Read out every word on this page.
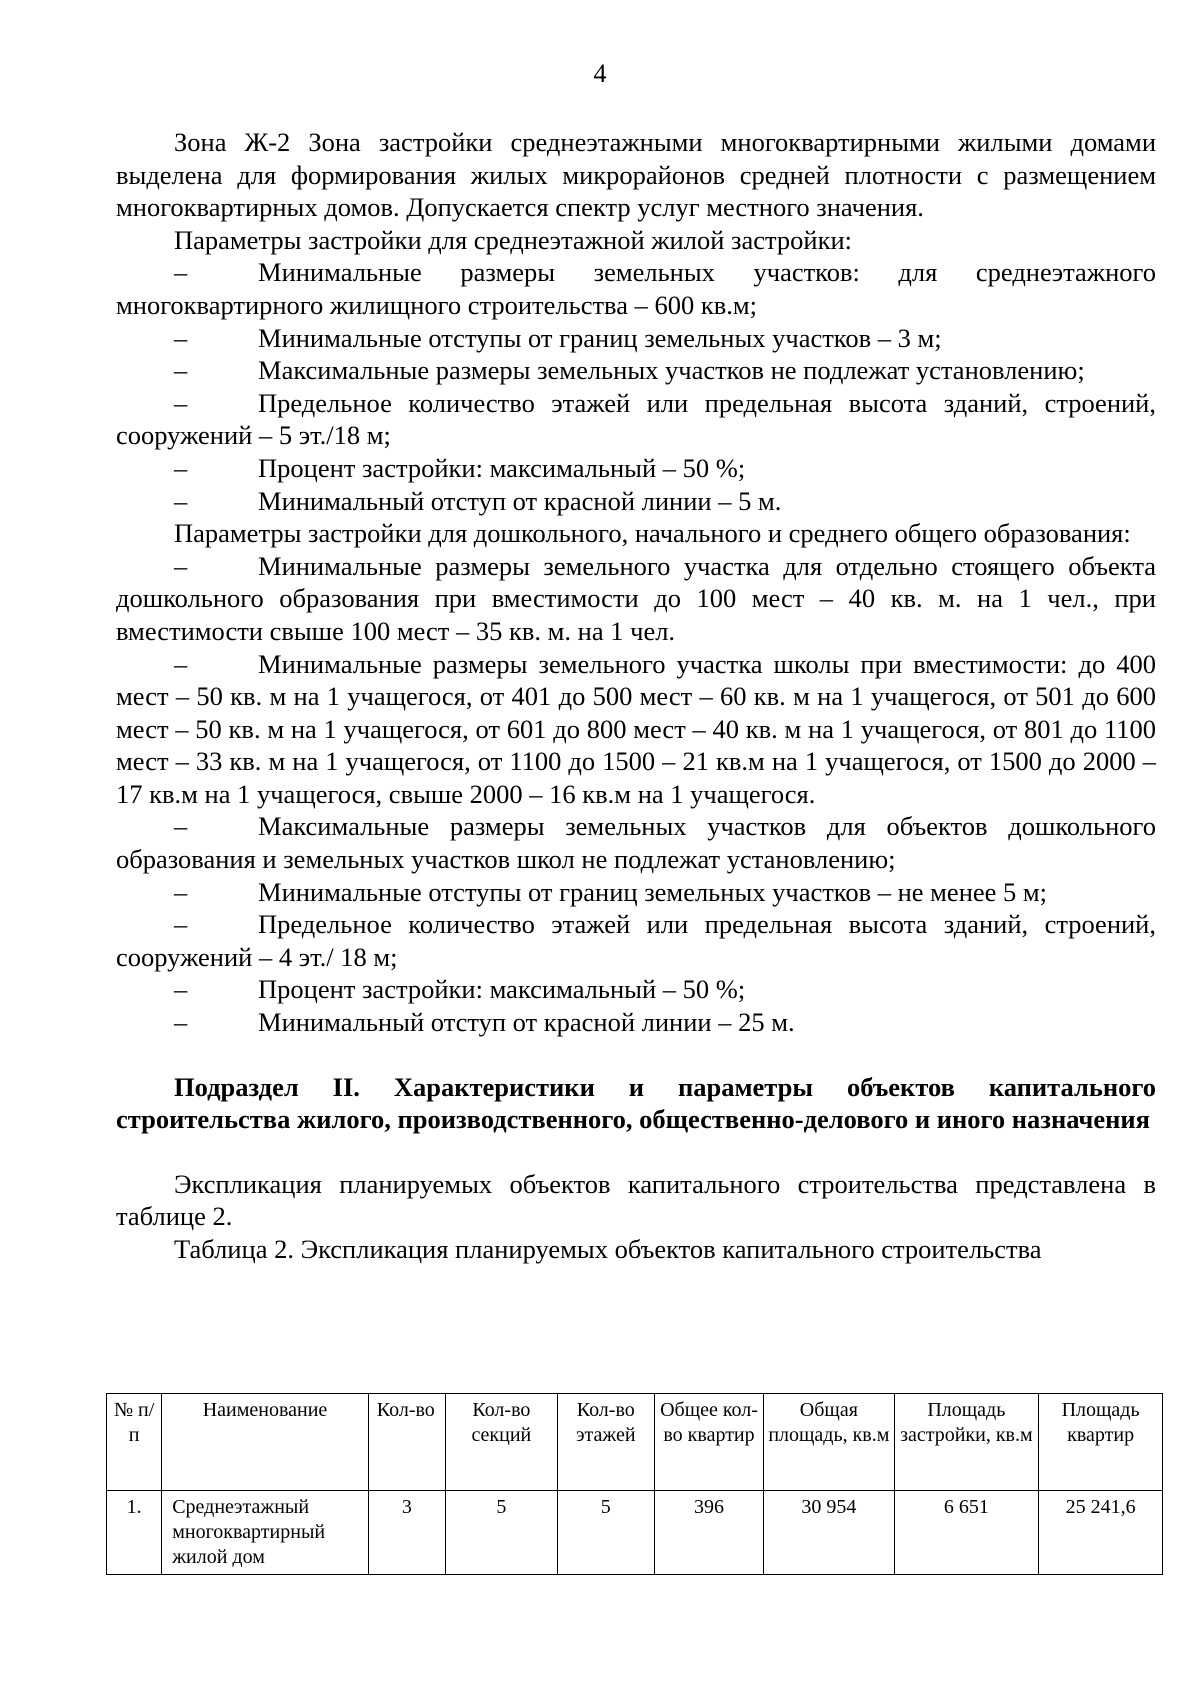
4

Зона Ж-2 Зона застройки среднеэтажными многоквартирными жилыми домами выделена для формирования жилых микрорайонов средней плотности с размещением многоквартирных домов. Допускается спектр услуг местного значения.

Параметры застройки для среднеэтажной жилой застройки:

–	Минимальные размеры земельных участков: для среднеэтажного многоквартирного жилищного строительства – 600 кв.м;

–	Минимальные отступы от границ земельных участков – 3 м;

–	Максимальные размеры земельных участков не подлежат установлению;

–	Предельное количество этажей или предельная высота зданий, строений, сооружений – 5 эт./18 м;

–	Процент застройки: максимальный – 50 %;

–	Минимальный отступ от красной линии – 5 м.

Параметры застройки для дошкольного, начального и среднего общего образования:

–	Минимальные размеры земельного участка для отдельно стоящего объекта дошкольного образования при вместимости до 100 мест – 40 кв. м. на 1 чел., при вместимости свыше 100 мест – 35 кв. м. на 1 чел.

–	Минимальные размеры земельного участка школы при вместимости: до 400 мест – 50 кв. м на 1 учащегося, от 401 до 500 мест – 60 кв. м на 1 учащегося, от 501 до 600 мест – 50 кв. м на 1 учащегося, от 601 до 800 мест – 40 кв. м на 1 учащегося, от 801 до 1100 мест – 33 кв. м на 1 учащегося, от 1100 до 1500 – 21 кв.м на 1 учащегося, от 1500 до 2000 – 17 кв.м на 1 учащегося, свыше 2000 – 16 кв.м на 1 учащегося.

–	Максимальные размеры земельных участков для объектов дошкольного образования и земельных участков школ не подлежат установлению;

–	Минимальные отступы от границ земельных участков – не менее 5 м;

–	Предельное количество этажей или предельная высота зданий, строений, сооружений – 4 эт./ 18 м;

–	Процент застройки: максимальный – 50 %;

–	Минимальный отступ от красной линии – 25 м.

Подраздел II. Характеристики и параметры объектов капитального строительства жилого, производственного, общественно-делового и иного назначения

Экспликация планируемых объектов капитального строительства представлена в таблице 2.

Таблица 2. Экспликация планируемых объектов капитального строительства

№ п/п	Наименование	Кол-во	Кол-во секций	Кол-во этажей	Общее кол-во квартир	Общая площадь, кв.м	Площадь застройки, кв.м	Площадь квартир
1.	Среднеэтажный многоквартирный жилой дом	3	5	5	396	30 954	6 651	25 241,6
